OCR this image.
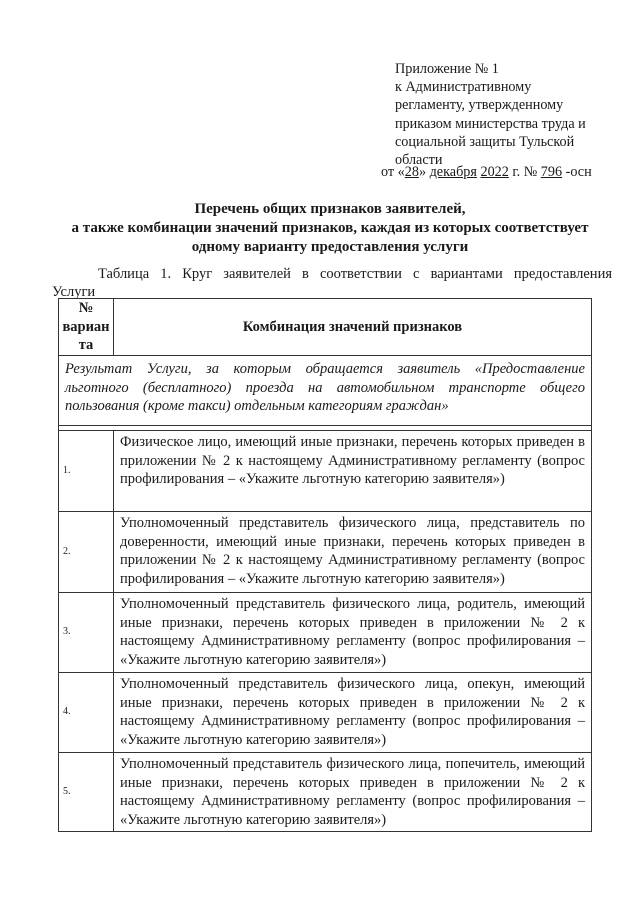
Приложение № 1
к Административному
регламенту, утвержденному
приказом министерства труда и
социальной защиты Тульской
области
от «28» декабря 2022 г. № 796 -осн
Перечень общих признаков заявителей,
а также комбинации значений признаков, каждая из которых соответствует
одному варианту предоставления услуги
Таблица 1. Круг заявителей в соответствии с вариантами предоставления
Услуги
№ вариан та	Комбинация значений признаков

Результат Услуги, за которым обращается заявитель «Предоставление льготного (бесплатного) проезда на автомобильном транспорте общего пользования (кроме такси) отдельным категориям граждан»	

1.	Физическое лицо, имеющий иные признаки, перечень которых приведен в приложении № 2 к настоящему Административному регламенту (вопрос профилирования – «Укажите льготную категорию заявителя»)
2.	Уполномоченный представитель физического лица, представитель по доверенности, имеющий иные признаки, перечень которых приведен в приложении № 2 к настоящему Административному регламенту (вопрос профилирования – «Укажите льготную категорию заявителя»)
3.	Уполномоченный представитель физического лица, родитель, имеющий иные признаки, перечень которых приведен в приложении № 2 к настоящему Административному регламенту (вопрос профилирования – «Укажите льготную категорию заявителя»)
4.	Уполномоченный представитель физического лица, опекун, имеющий иные признаки, перечень которых приведен в приложении № 2 к настоящему Административному регламенту (вопрос профилирования – «Укажите льготную категорию заявителя»)
5.	Уполномоченный представитель физического лица, попечитель, имеющий иные признаки, перечень которых приведен в приложении № 2 к настоящему Административному регламенту (вопрос профилирования – «Укажите льготную категорию заявителя»)
